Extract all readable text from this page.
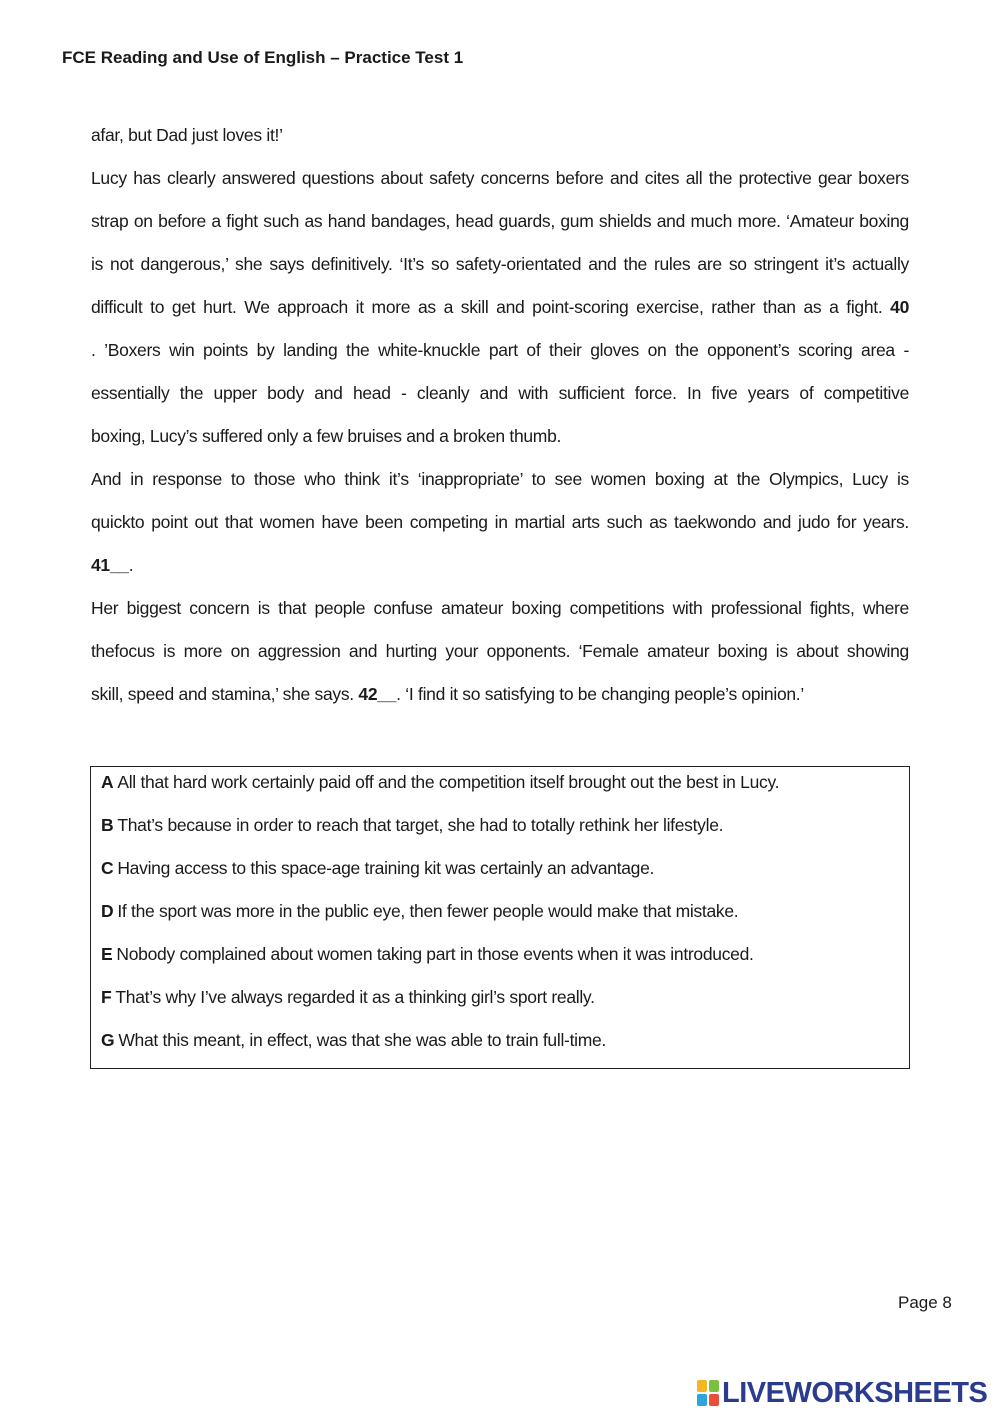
FCE Reading and Use of English – Practice Test 1
afar, but Dad just loves it!’
Lucy has clearly answered questions about safety concerns before and cites all the protective gear boxers
strap on before a fight such as hand bandages, head guards, gum shields and much more. ‘Amateur boxing
is not dangerous,’ she says definitively. ‘It’s so safety-orientated and the rules are so stringent it’s actually
difficult to get hurt. We approach it more as a skill and point-scoring exercise, rather than as a fight. 40
. ’Boxers win points by landing the white-knuckle part of their gloves on the opponent’s scoring area -
essentially the upper body and head - cleanly and with sufficient force. In five years of competitive
boxing, Lucy’s suffered only a few bruises and a broken thumb.
And in response to those who think it’s ‘inappropriate’ to see women boxing at the Olympics, Lucy is
quickto point out that women have been competing in martial arts such as taekwondo and judo for years.
41__.
Her biggest concern is that people confuse amateur boxing competitions with professional fights, where
thefocus is more on aggression and hurting your opponents. ‘Female amateur boxing is about showing
skill, speed and stamina,’ she says. 42__. ‘I find it so satisfying to be changing people’s opinion.’
A All that hard work certainly paid off and the competition itself brought out the best in Lucy.
B That’s because in order to reach that target, she had to totally rethink her lifestyle.
C Having access to this space-age training kit was certainly an advantage.
D If the sport was more in the public eye, then fewer people would make that mistake.
E Nobody complained about women taking part in those events when it was introduced.
F That’s why I’ve always regarded it as a thinking girl’s sport really.
G What this meant, in effect, was that she was able to train full-time.
Page 8
LIVEWORKSHEETS
